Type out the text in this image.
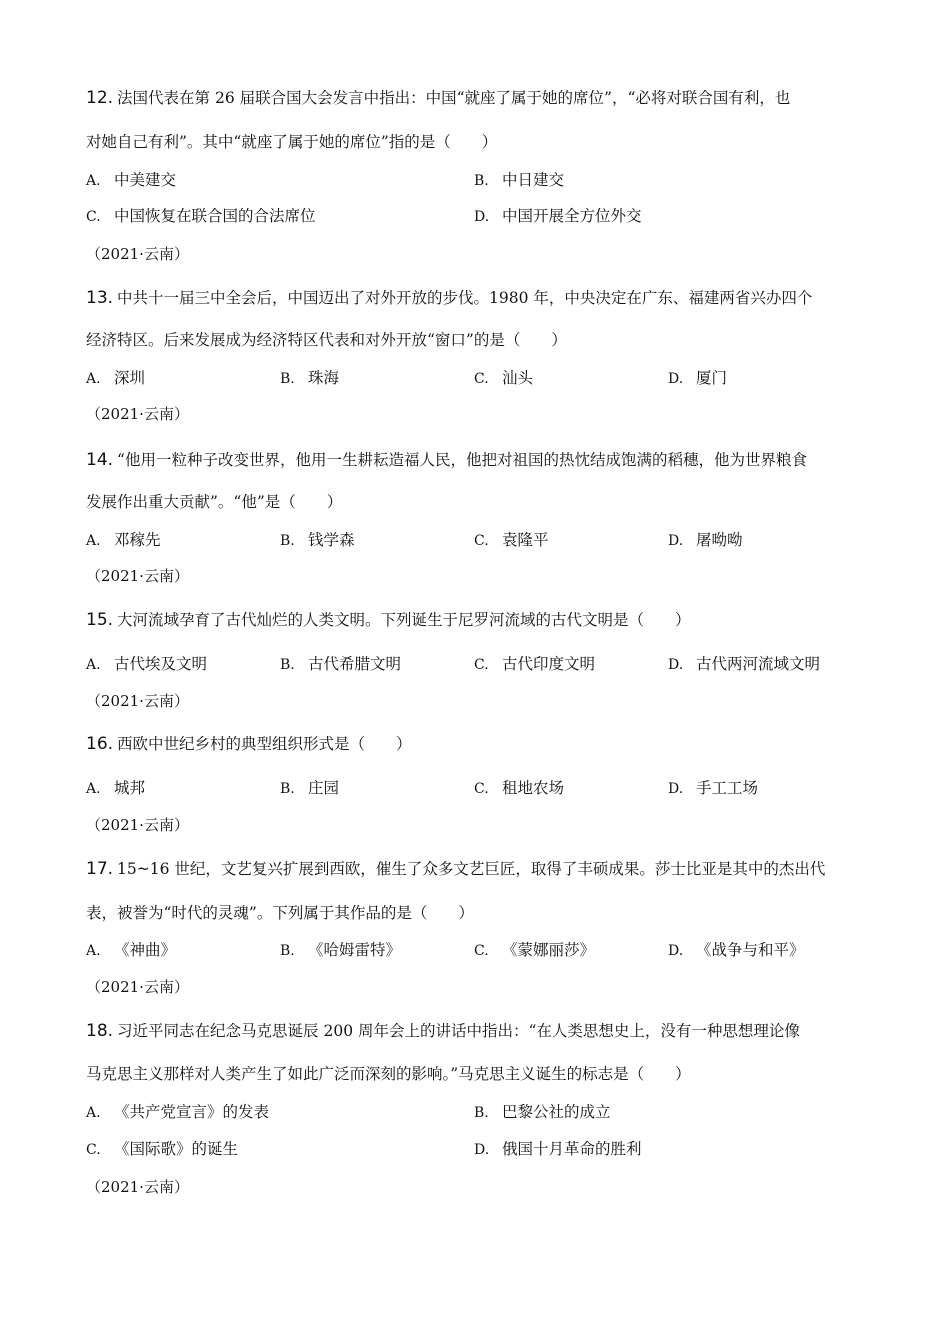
12. 法国代表在第 26 届联合国大会发言中指出：中国“就座了属于她的席位”，“必将对联合国有利，也
对她自己有利”。其中“就座了属于她的席位”指的是（　　）
A. 中美建交	B. 中日建交
C. 中国恢复在联合国的合法席位	D. 中国开展全方位外交
（2021·云南）
13. 中共十一届三中全会后，中国迈出了对外开放的步伐。1980 年，中央决定在广东、福建两省兴办四个
经济特区。后来发展成为经济特区代表和对外开放“窗口”的是（　　）
A. 深圳	B. 珠海	C. 汕头	D. 厦门
（2021·云南）
14. “他用一粒种子改变世界，他用一生耕耘造福人民，他把对祖国的热忱结成饱满的稻穗，他为世界粮食
发展作出重大贡献”。“他”是（　　）
A. 邓稼先	B. 钱学森	C. 袁隆平	D. 屠呦呦
（2021·云南）
15. 大河流域孕育了古代灿烂的人类文明。下列诞生于尼罗河流域的古代文明是（　　）
A. 古代埃及文明	B. 古代希腊文明	C. 古代印度文明	D. 古代两河流域文明
（2021·云南）
16. 西欧中世纪乡村的典型组织形式是（　　）
A. 城邦	B. 庄园	C. 租地农场	D. 手工工场
（2021·云南）
17. 15~16 世纪，文艺复兴扩展到西欧，催生了众多文艺巨匠，取得了丰硕成果。莎士比亚是其中的杰出代
表，被誉为“时代的灵魂”。下列属于其作品的是（　　）
A. 《神曲》	B. 《哈姆雷特》	C. 《蒙娜丽莎》	D. 《战争与和平》
（2021·云南）
18. 习近平同志在纪念马克思诞辰 200 周年会上的讲话中指出：“在人类思想史上，没有一种思想理论像
马克思主义那样对人类产生了如此广泛而深刻的影响。”马克思主义诞生的标志是（　　）
A. 《共产党宣言》的发表	B. 巴黎公社的成立
C. 《国际歌》的诞生	D. 俄国十月革命的胜利
（2021·云南）
